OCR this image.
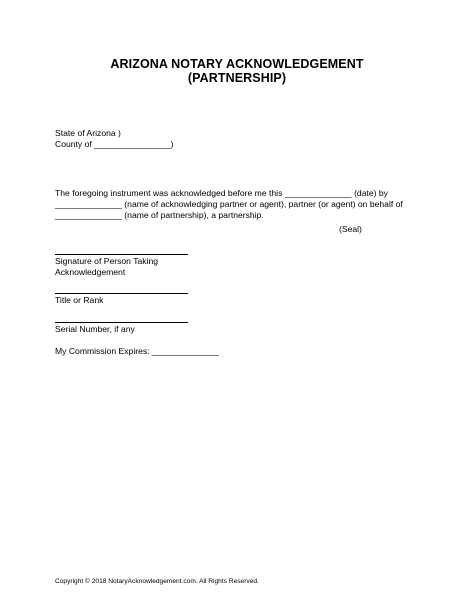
ARIZONA NOTARY ACKNOWLEDGEMENT
(PARTNERSHIP)
State of Arizona )
County of ________________)
The foregoing instrument was acknowledged before me this ______________ (date) by
______________ (name of acknowledging partner or agent), partner (or agent) on behalf of
______________ (name of partnership), a partnership.
(Seal)
Signature of Person Taking
Acknowledgement
Title or Rank
Serial Number, if any
My Commission Expires: ______________
Copyright © 2018 NotaryAcknowledgement.com. All Rights Reserved.
